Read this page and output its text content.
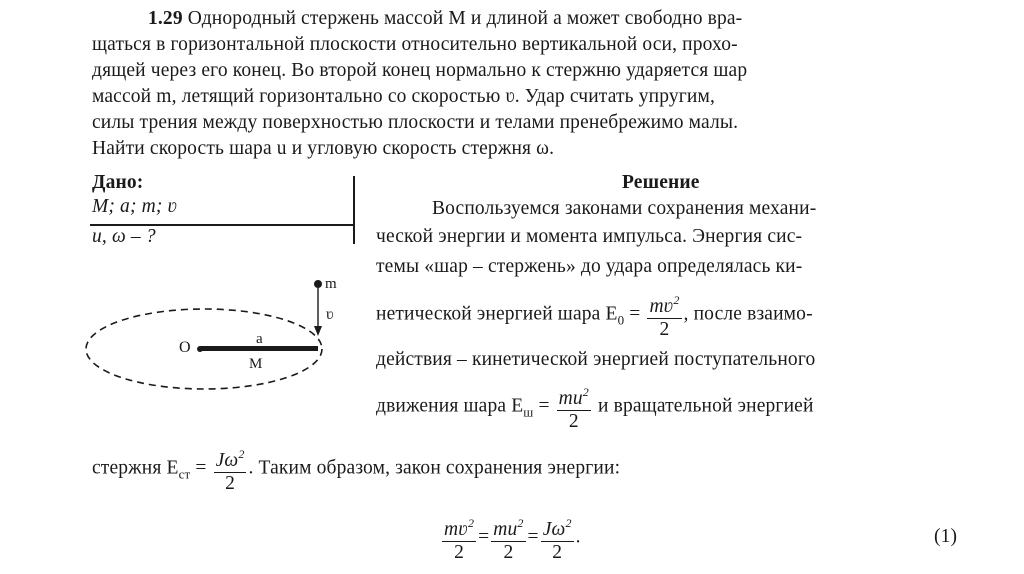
1.29 Однородный стержень массой M и длиной a может свободно вра-
щаться в горизонтальной плоскости относительно вертикальной оси, прохо-
дящей через его конец. Во второй конец нормально к стержню ударяется шар
массой m, летящий горизонтально со скоростью ʋ. Удар считать упругим,
силы трения между поверхностью плоскости и телами пренебрежимо малы.
Найти скорость шара u и угловую скорость стержня ω.
Дано:
M; a; m; ʋ
u, ω – ?
m
ʋ
O	a
M
Решение
Воспользуемся законами сохранения механи-
ческой энергии и момента импульса. Энергия сис-
темы «шар – стержень» до удара определялась ки-
нетической энергией шара $E_0 = \frac{mʋ^2}{2}$ , после взаимо-
действия – кинетической энергией поступательного
движения шара $E_ш = \frac{mu^2}{2}$ и вращательной энергией
стержня $E_{ст} = \frac{J\omega^2}{2}$ . Таким образом, закон сохранения энергии:
$\frac{mʋ^2}{2} = \frac{mu^2}{2} = \frac{J\omega^2}{2}$ .	(1)
